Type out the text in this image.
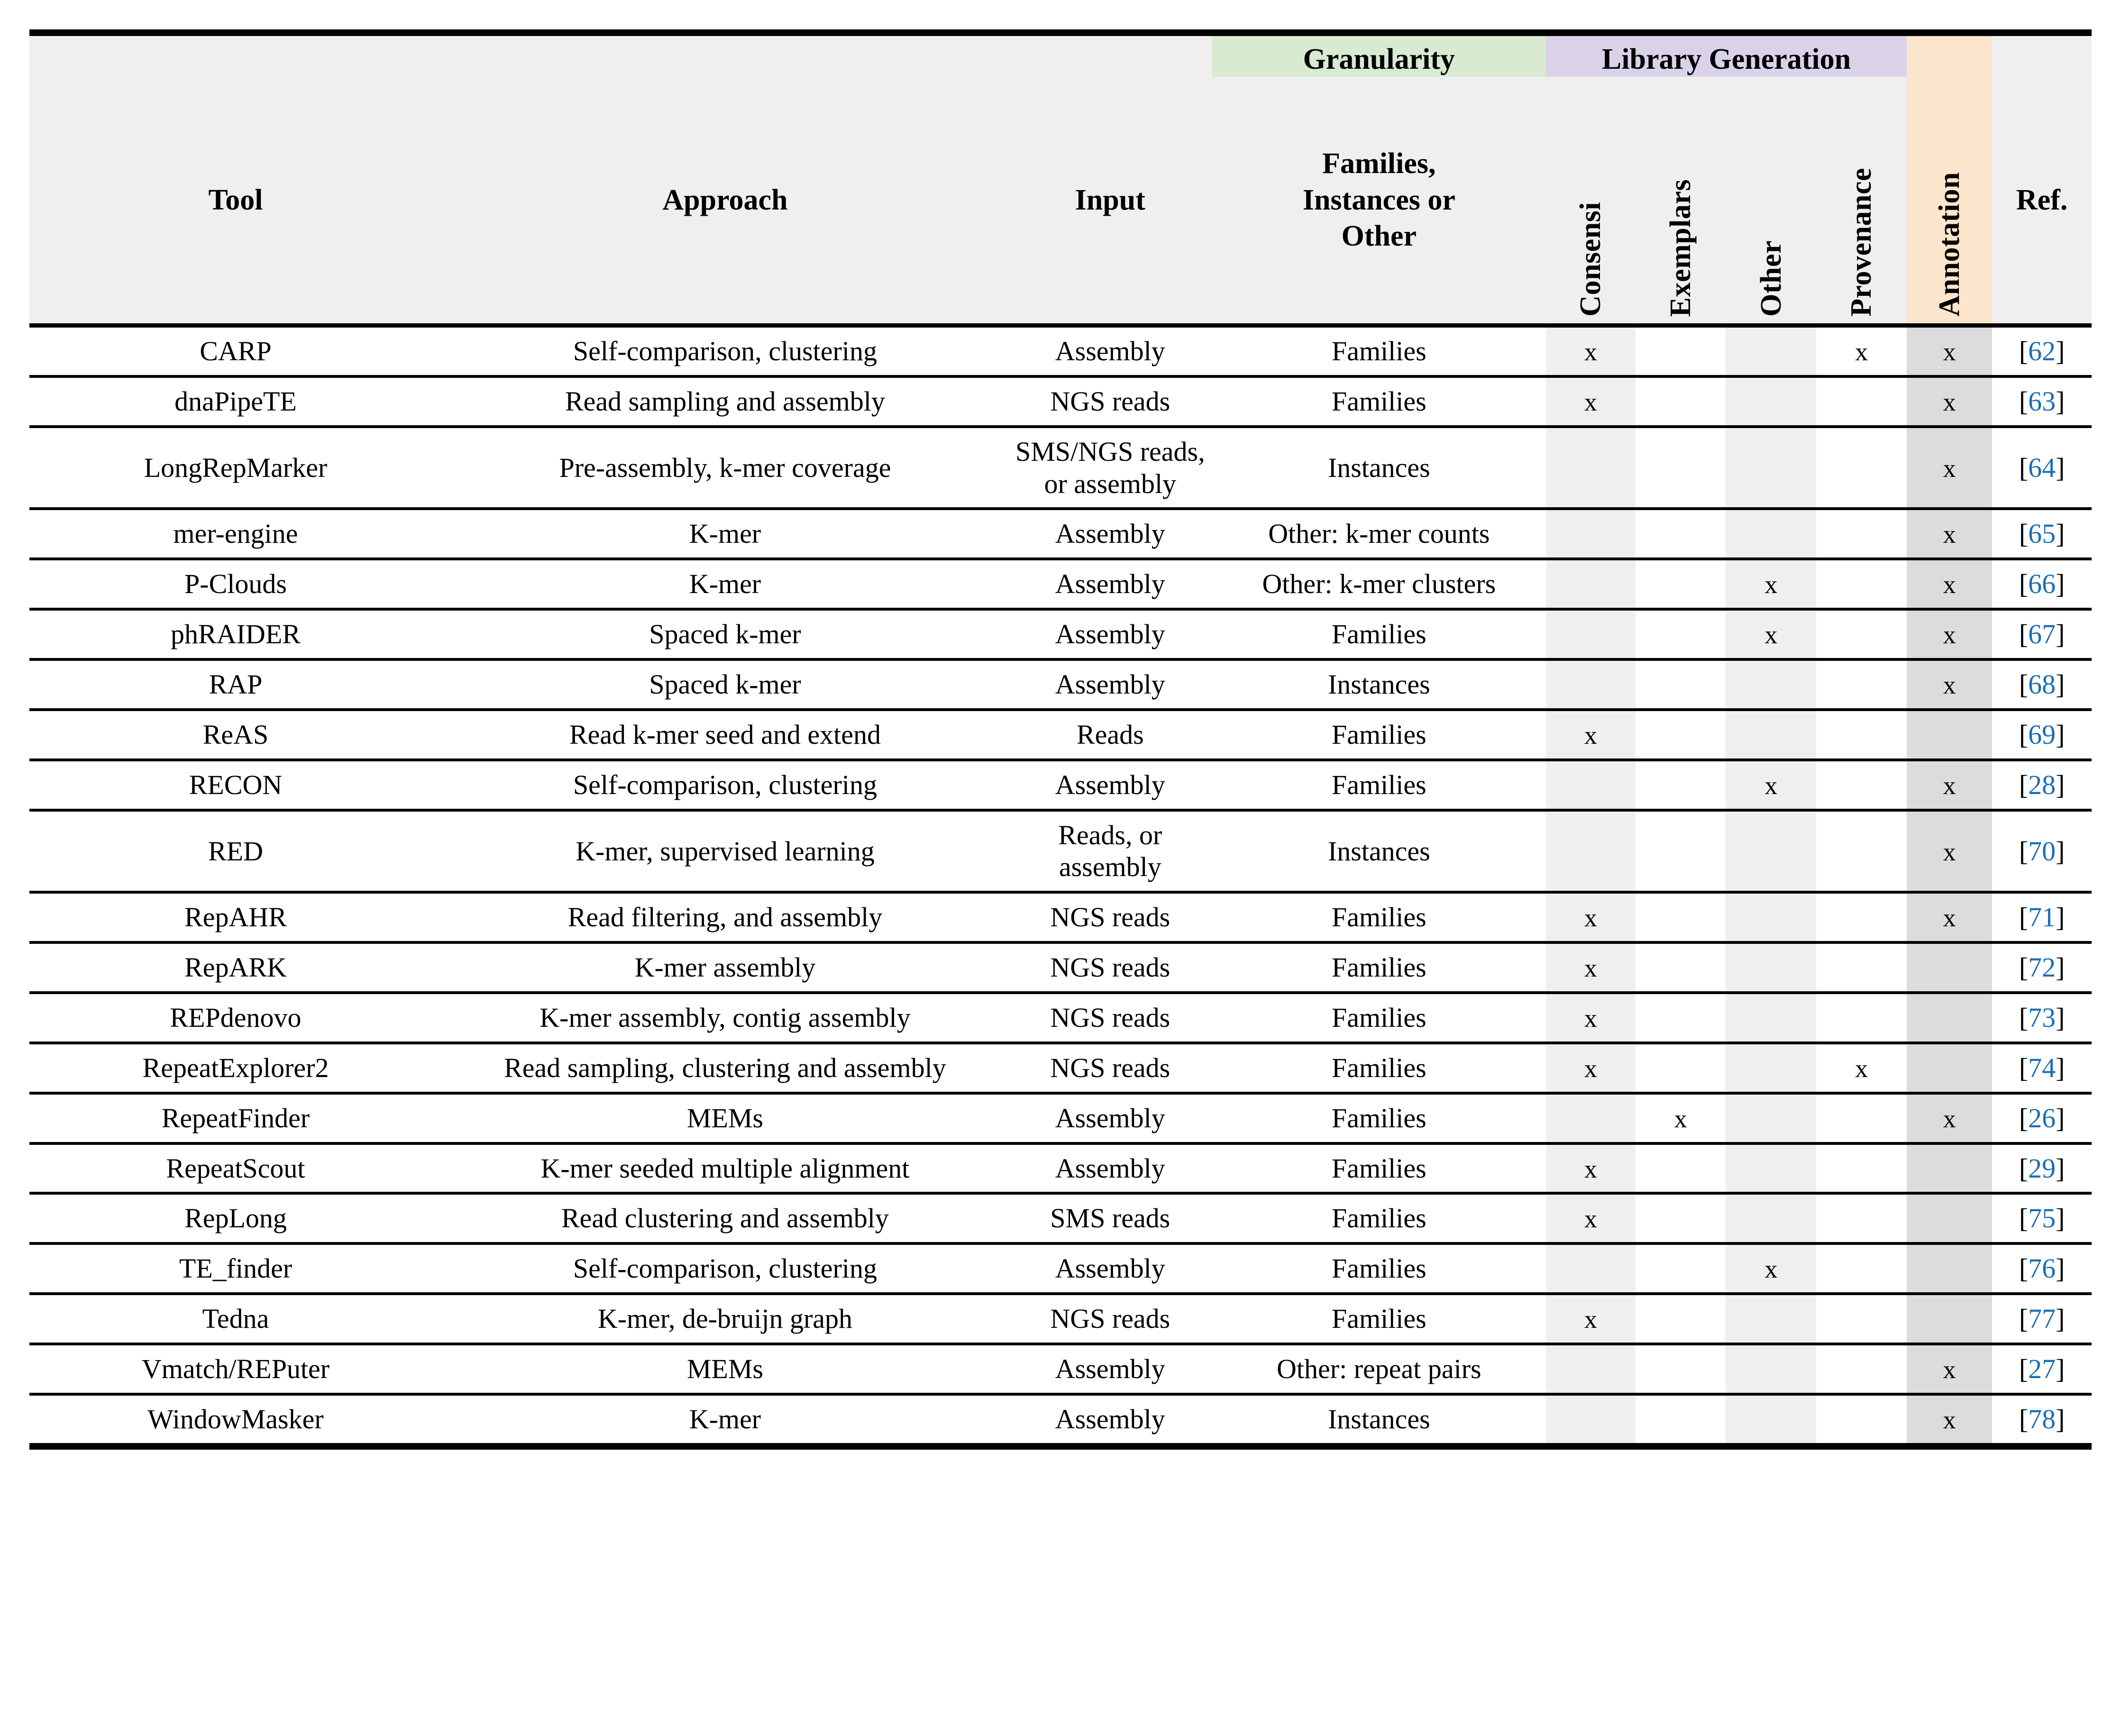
			Granularity	Library Generation					
Tool	Approach	Input	Families,
Instances or
Other	Consensi	Exemplars	Other	Provenance	Annotation	Ref.
CARP	Self-comparison, clustering	Assembly	Families	x			x	x	[62]
dnaPipeTE	Read sampling and assembly	NGS reads	Families	x				x	[63]
LongRepMarker	Pre-assembly, k-mer coverage	SMS/NGS reads, or assembly	Instances					x	[64]
mer-engine	K-mer	Assembly	Other: k-mer counts					x	[65]
P-Clouds	K-mer	Assembly	Other: k-mer clusters			x		x	[66]
phRAIDER	Spaced k-mer	Assembly	Families			x		x	[67]
RAP	Spaced k-mer	Assembly	Instances					x	[68]
ReAS	Read k-mer seed and extend	Reads	Families	x					[69]
RECON	Self-comparison, clustering	Assembly	Families			x		x	[28]
RED	K-mer, supervised learning	Reads, or assembly	Instances					x	[70]
RepAHR	Read filtering, and assembly	NGS reads	Families	x				x	[71]
RepARK	K-mer assembly	NGS reads	Families	x					[72]
REPdenovo	K-mer assembly, contig assembly	NGS reads	Families	x					[73]
RepeatExplorer2	Read sampling, clustering and assembly	NGS reads	Families	x			x		[74]
RepeatFinder	MEMs	Assembly	Families		x			x	[26]
RepeatScout	K-mer seeded multiple alignment	Assembly	Families	x					[29]
RepLong	Read clustering and assembly	SMS reads	Families	x					[75]
TE_finder	Self-comparison, clustering	Assembly	Families			x			[76]
Tedna	K-mer, de-bruijn graph	NGS reads	Families	x					[77]
Vmatch/REPuter	MEMs	Assembly	Other: repeat pairs					x	[27]
WindowMasker	K-mer	Assembly	Instances					x	[78]
